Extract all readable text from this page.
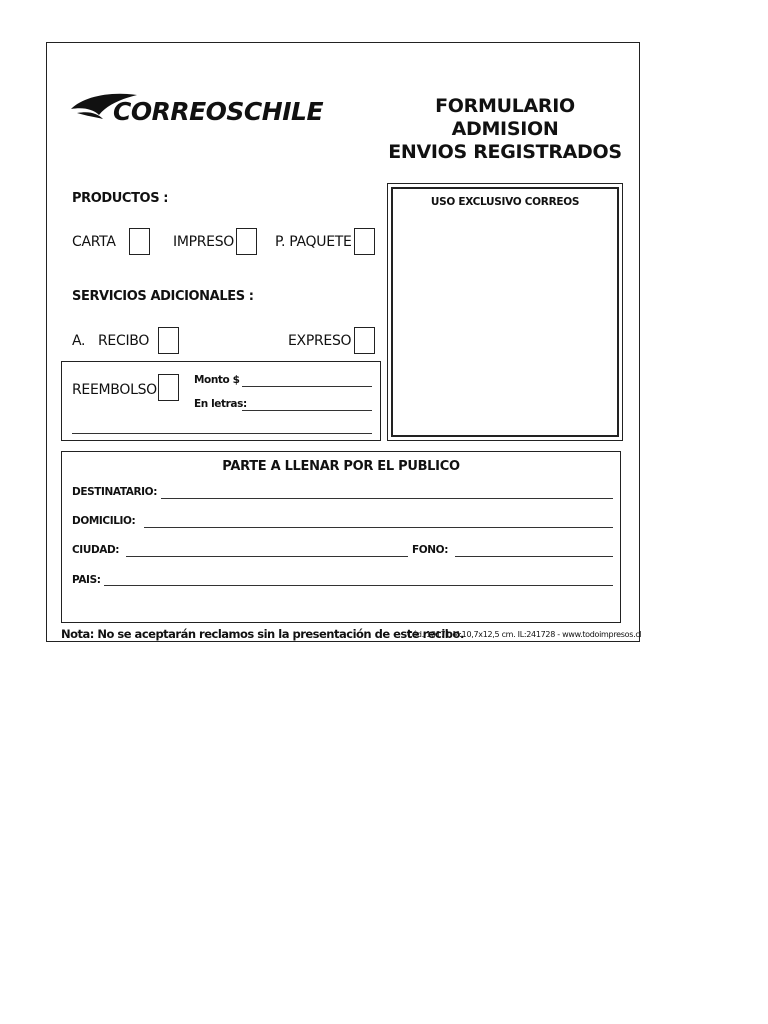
CORREOSCHILE	FORMULARIO ADMISION
ENVIOS REGISTRADOS
PRODUCTOS :
CARTA	IMPRESO	P. PAQUETE
SERVICIOS ADICIONALES :
A. RECIBO	EXPRESO
REEMBOLSO
Monto $
En letras:
USO EXCLUSIVO CORREOS
PARTE A LLENAR POR EL PUBLICO
DESTINATARIO:
DOMICILIO:
CIUDAD:	FONO:
PAIS:
Nota: No se aceptarán reclamos sin la presentación de este recibo.
Cód. 10171-M:10,7x12,5 cm. IL:241728 - www.todoimpresos.cl
